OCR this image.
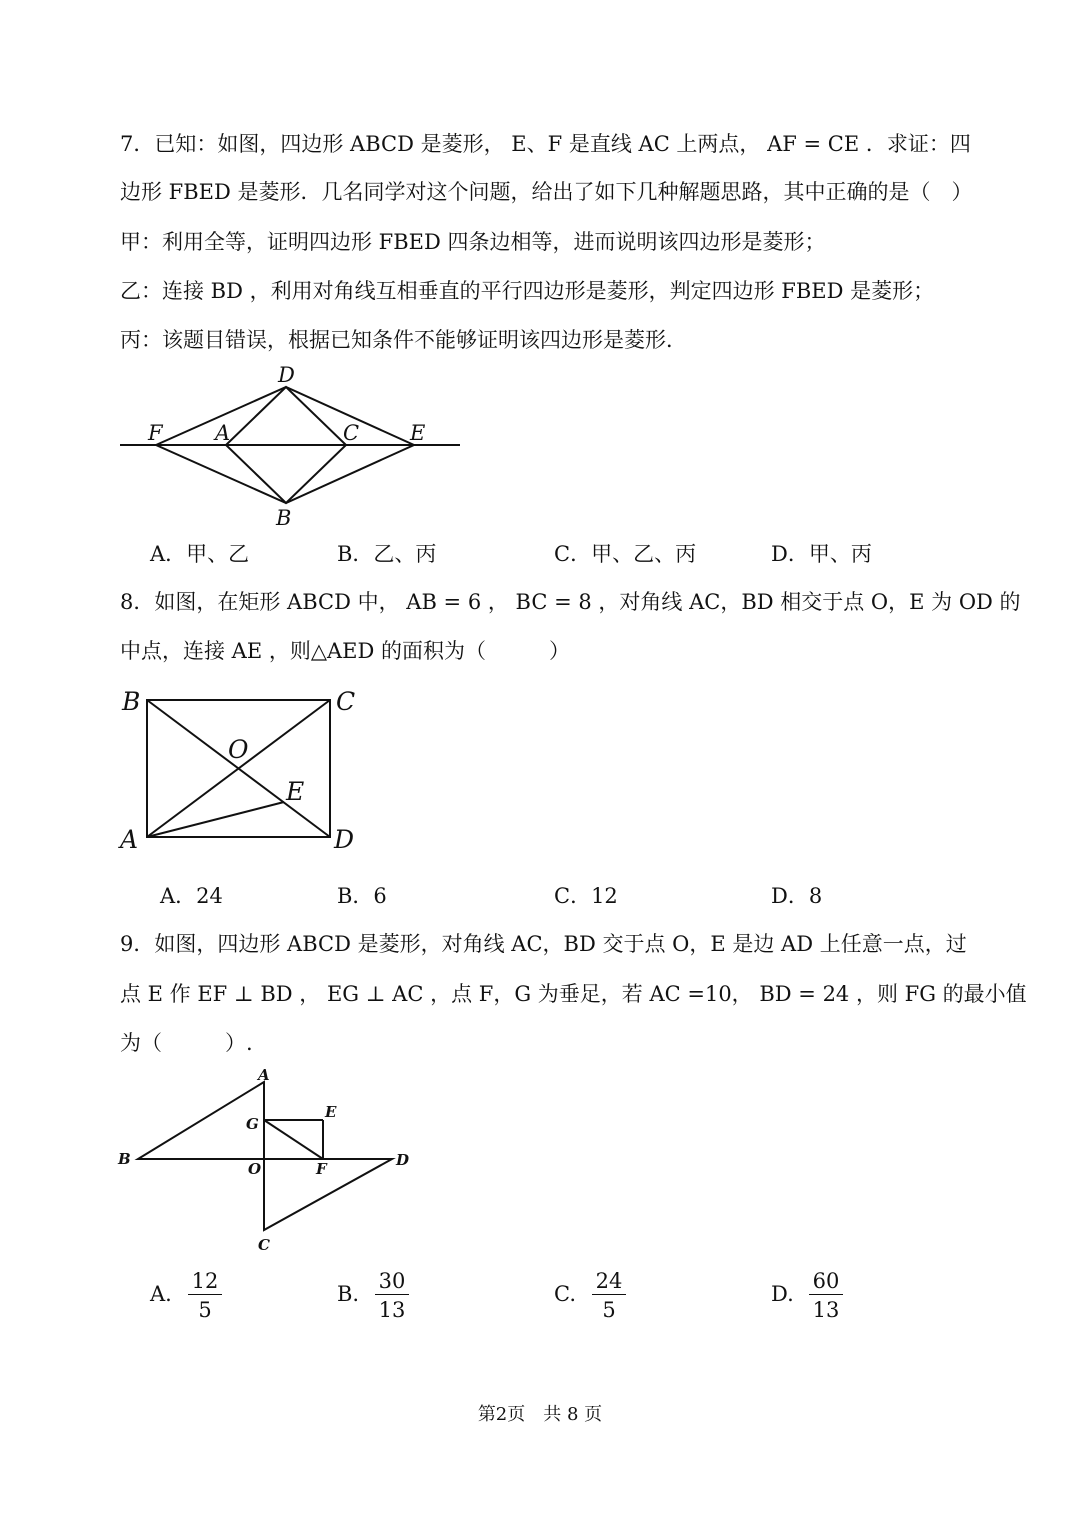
7．已知：如图，四边形 ABCD 是菱形， E、F 是直线 AC 上两点， AF = CE ．求证：四
边形 FBED 是菱形．几名同学对这个问题，给出了如下几种解题思路，其中正确的是（　）
甲：利用全等，证明四边形 FBED 四条边相等，进而说明该四边形是菱形；
乙：连接 BD ，利用对角线互相垂直的平行四边形是菱形，判定四边形 FBED 是菱形；
丙：该题目错误，根据已知条件不能够证明该四边形是菱形．
D
F A	C E
B
A．甲、乙	B．乙、丙	C．甲、乙、丙	D．甲、丙
8．如图，在矩形 ABCD 中， AB = 6 ， BC = 8 ，对角线 AC，BD 相交于点 O，E 为 OD 的
中点，连接 AE ，则△AED 的面积为（　　　）
B	C
O
E
A	D
A．24	B．6	C．12	D．8
9．如图，四边形 ABCD 是菱形，对角线 AC，BD 交于点 O，E 是边 AD 上任意一点，过
点 E 作 EF ⊥ BD ， EG ⊥ AC ，点 F，G 为垂足，若 AC =10， BD = 24 ，则 FG 的最小值
为（　　　）.
A
G
E
B
O	F	D
C
A. $\frac{12}{5}$	B. $\frac{30}{13}$	C. $\frac{24}{5}$	D. $\frac{60}{13}$
第2页　共 8 页
